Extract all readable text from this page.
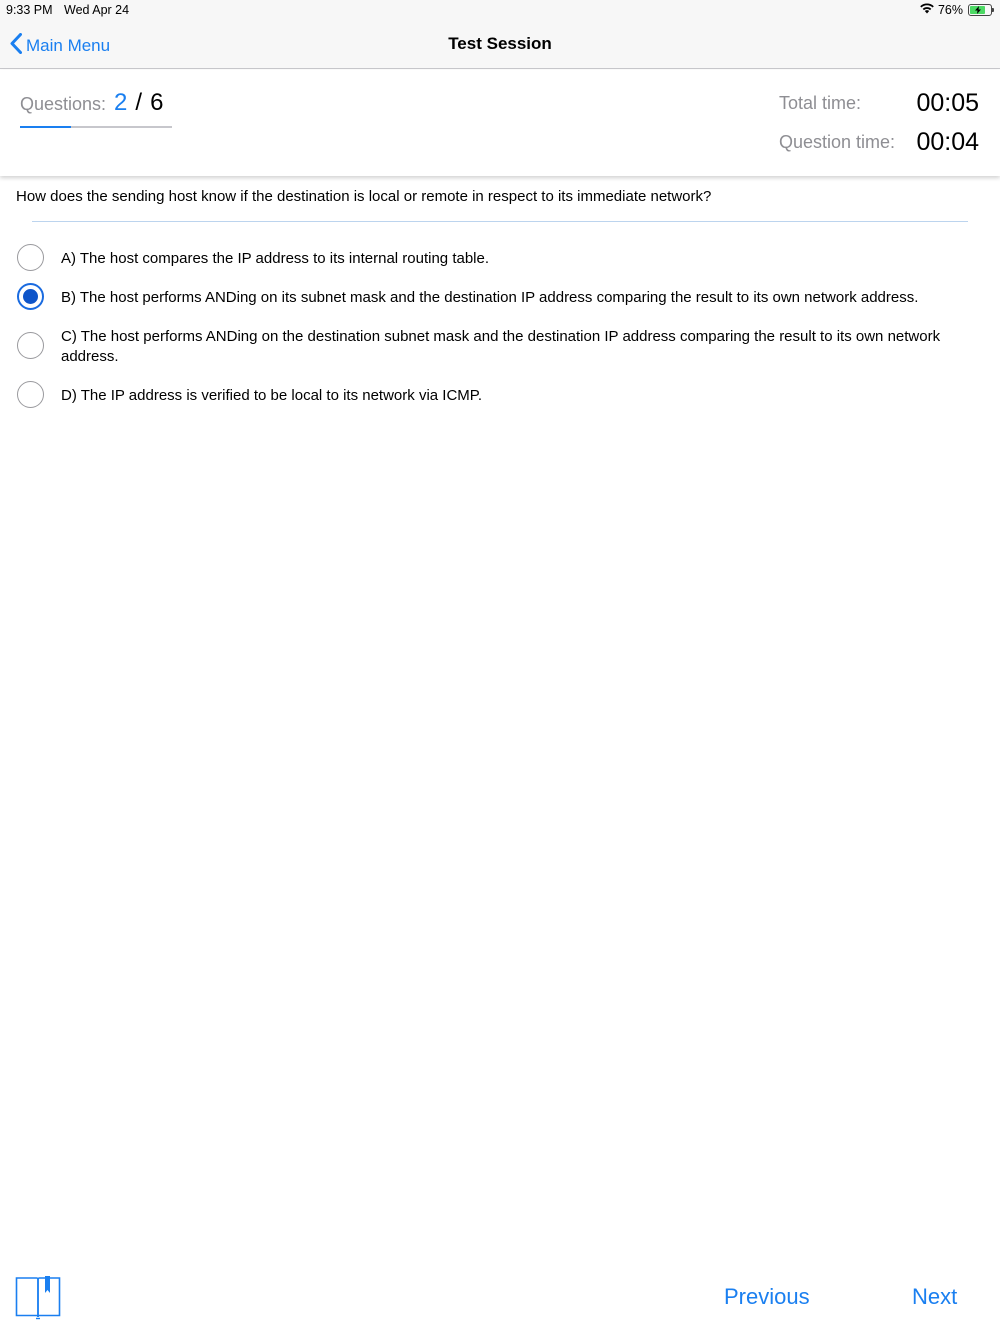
9:33 PM Wed Apr 24	76%
Main Menu	Test Session
Questions: 2 / 6	Total time: 00:05
Question time: 00:04
How does the sending host know if the destination is local or remote in respect to its immediate network?
A) The host compares the IP address to its internal routing table.
B) The host performs ANDing on its subnet mask and the destination IP address comparing the result to its own network address.
C) The host performs ANDing on the destination subnet mask and the destination IP address comparing the result to its own network address.
D) The IP address is verified to be local to its network via ICMP.
Previous	Next
